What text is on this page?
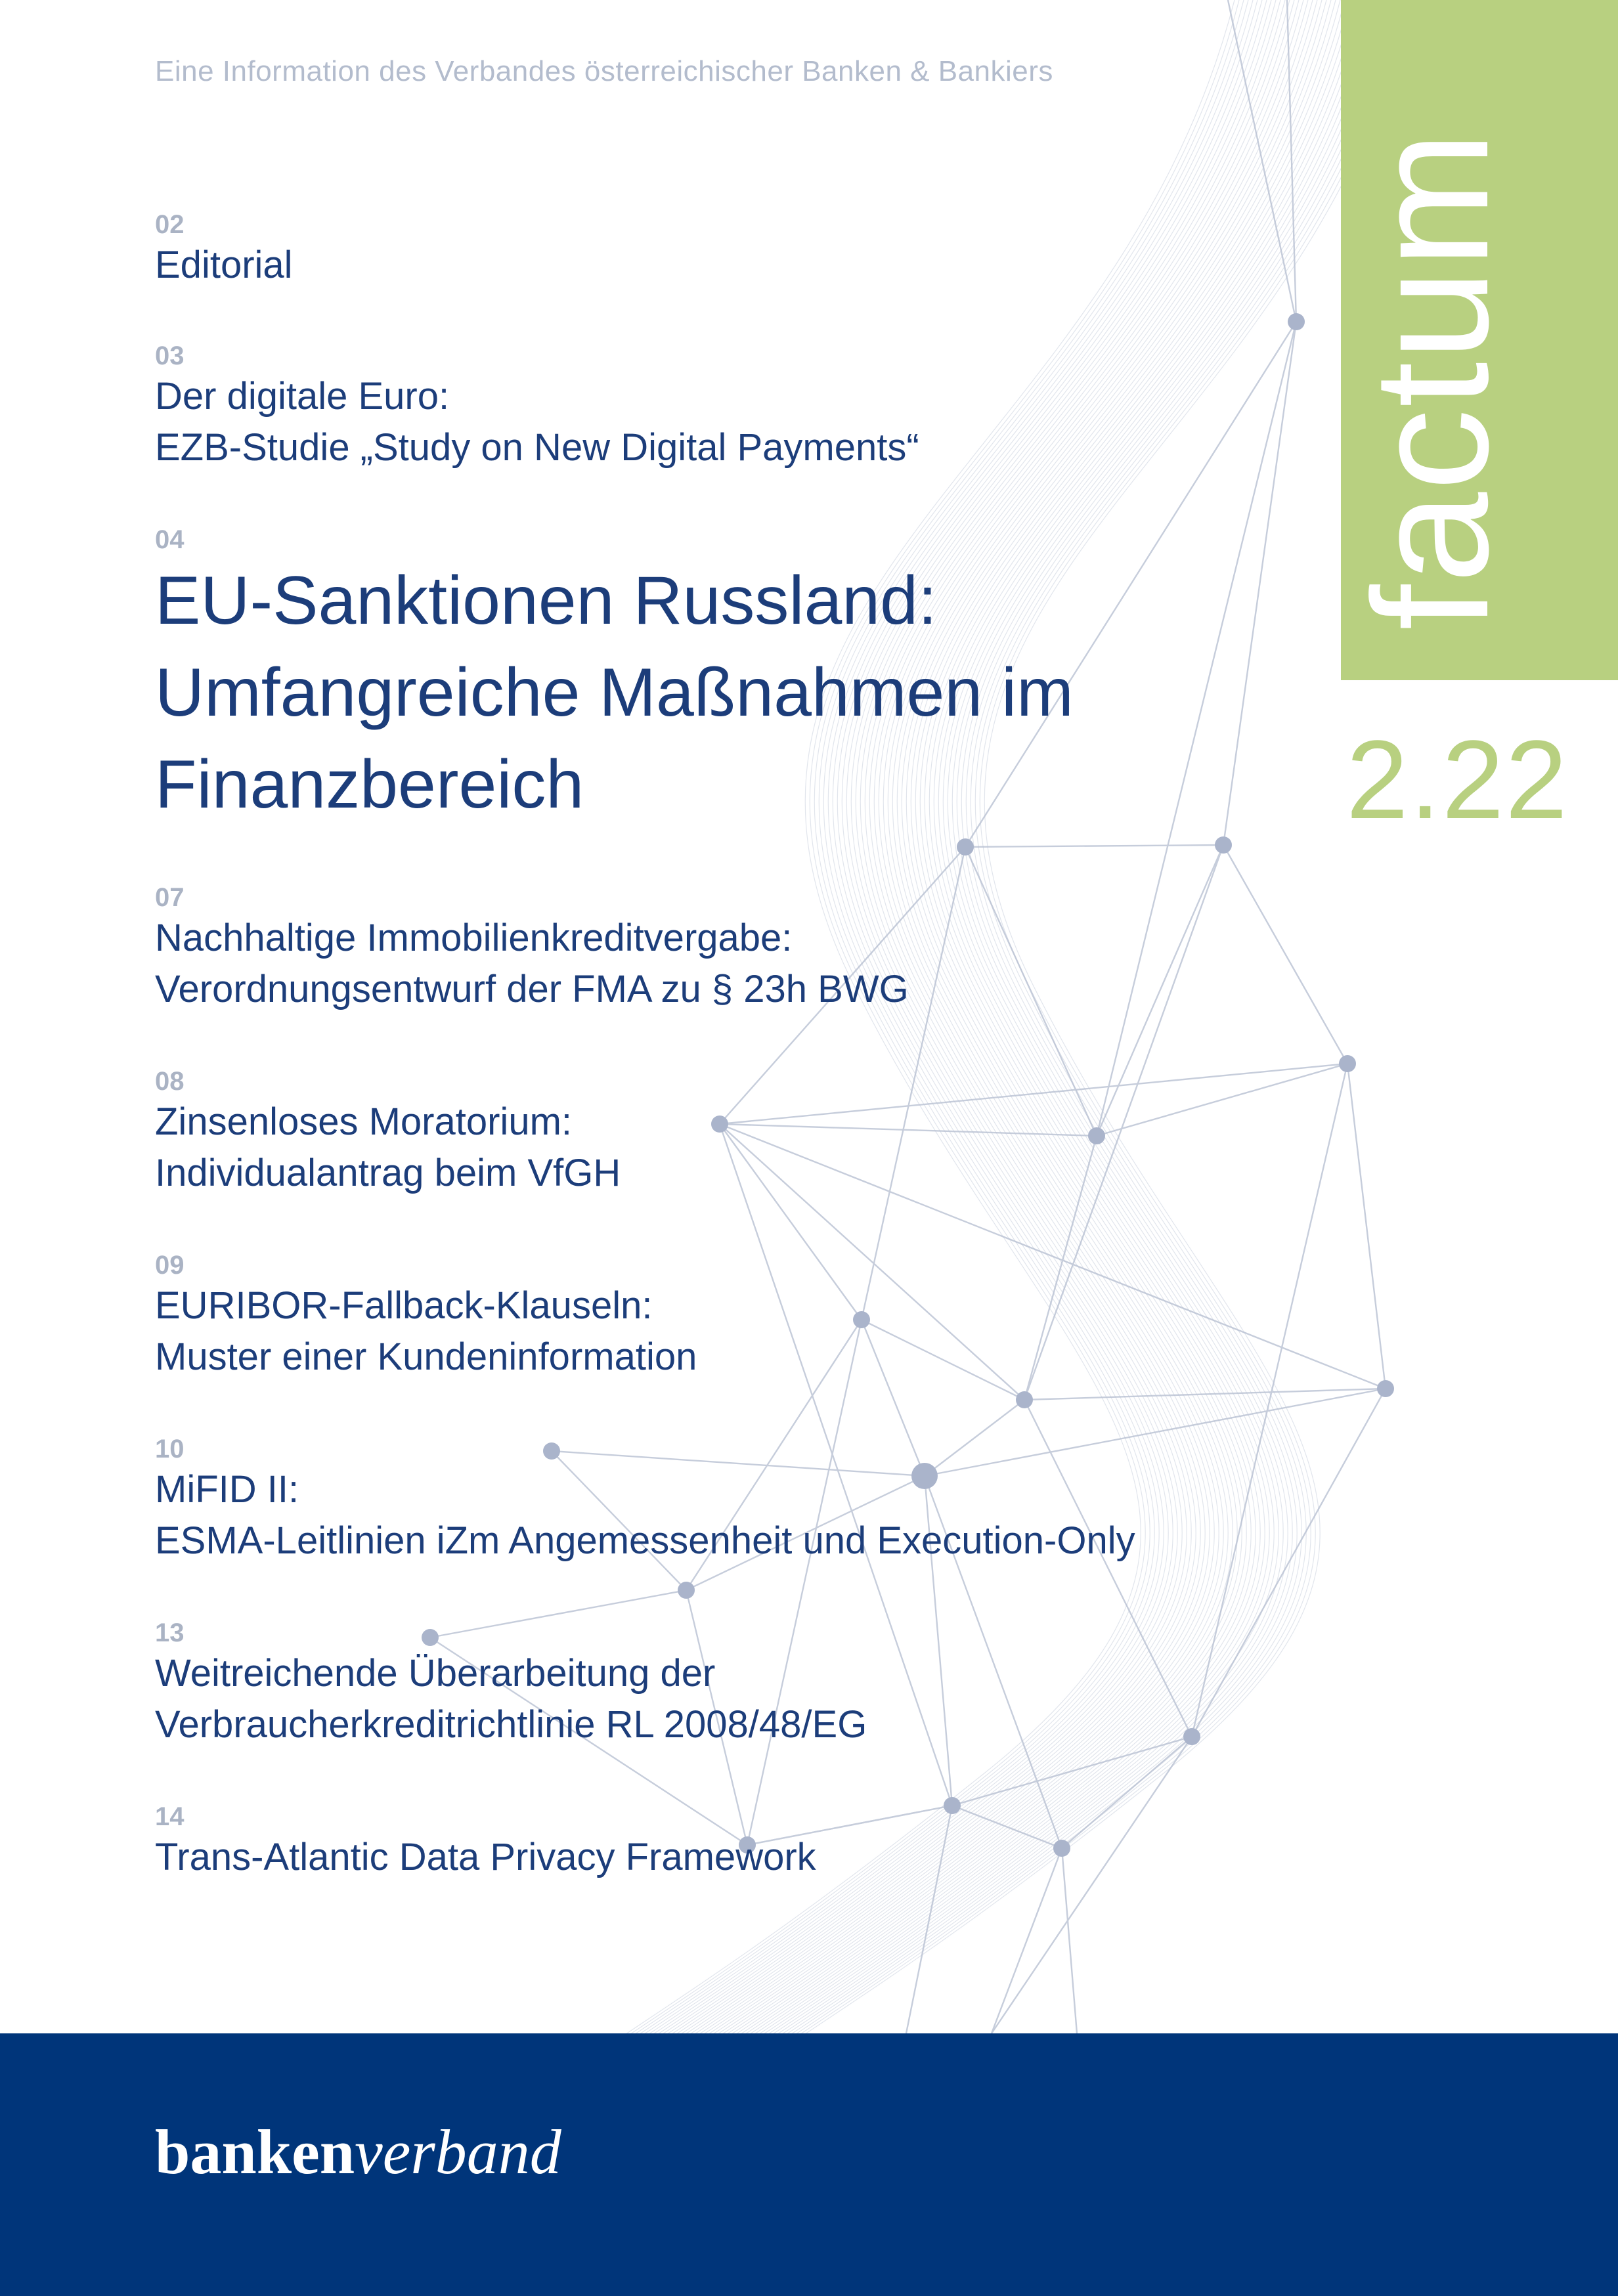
Eine Information des Verbandes österreichischer Banken & Bankiers
02
Editorial
03
Der digitale Euro:
EZB-Studie „Study on New Digital Payments“
04
EU-Sanktionen Russland:
Umfangreiche Maßnahmen im
Finanzbereich
07
Nachhaltige Immobilienkreditvergabe:
Verordnungsentwurf der FMA zu § 23h BWG
08
Zinsenloses Moratorium:
Individualantrag beim VfGH
09
EURIBOR-Fallback-Klauseln:
Muster einer Kundeninformation
10
MiFID II:
ESMA-Leitlinien iZm Angemessenheit und Execution-Only
13
Weitreichende Überarbeitung der
Verbraucherkreditrichtlinie RL 2008/48/EG
14
Trans-Atlantic Data Privacy Framework
factum
2.22
bankenverband
